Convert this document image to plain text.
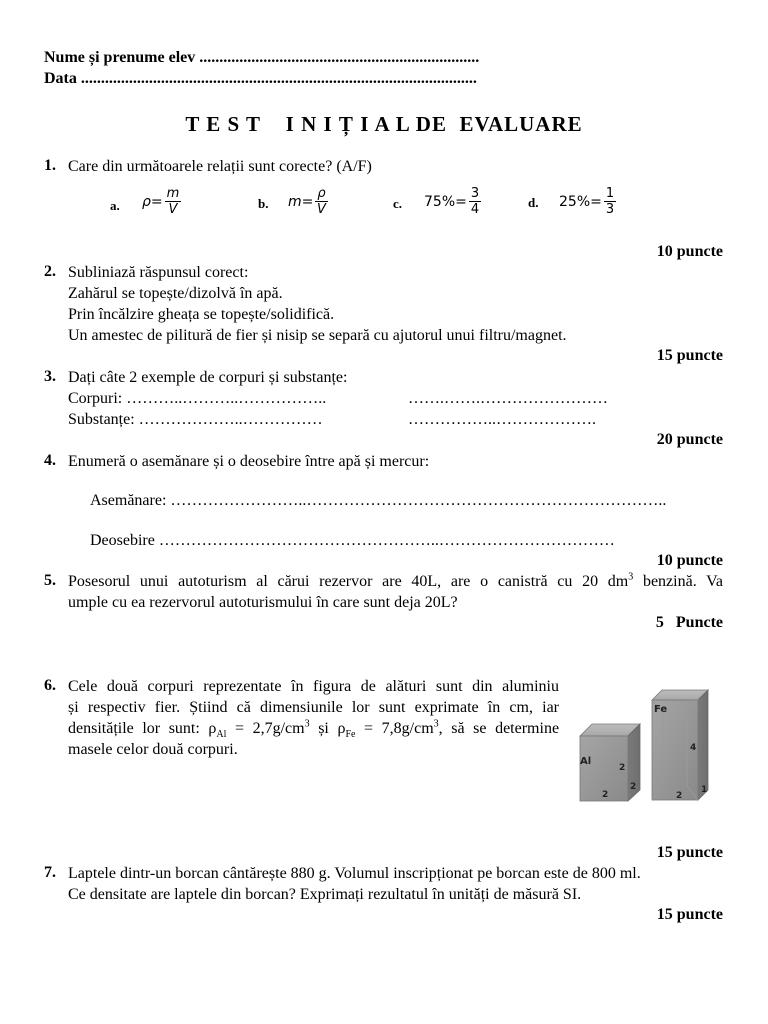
Nume și prenume elev ......................................................................
Data ...................................................................................................
T E S T    I N I Ț I A L DE  EVALUARE
1. Care din următoarele relații sunt corecte? (A/F)
a. $\rho= \frac{m}{V}$	b. $m= \frac{\rho}{V}$	c. $75\%= \frac{3}{4}$	d. $25\%= \frac{1}{3}$
10 puncte
2. Subliniază răspunsul corect:
Zahărul se topește/dizolvă în apă.
Prin încălzire gheața se topește/solidifică.
Un amestec de pilitură de fier și nisip se separă cu ajutorul unui filtru/magnet.
15 puncte
3. Dați câte 2 exemple de corpuri și substanțe:
Corpuri: ………..………..……………..	…….…….……………………
Substanțe: ………………..……………	……………..……………….
20 puncte
4. Enumeră o asemănare și o deosebire între apă și mercur:
Asemănare: ……………………..…………………………………………………………..
Deosebire ……………………………………………..……………………………
10 puncte
5. Posesorul unui autoturism al cărui rezervor are 40L, are o canistră cu 20 $dm^3$ benzină. Va
umple cu ea rezervorul autoturismului în care sunt deja 20L?
5   Puncte
6. Cele două corpuri reprezentate în figura de alături sunt din aluminiu
și respectiv fier. Știind că dimensiunile lor sunt exprimate în cm, iar
densitățile lor sunt: $\rho_{Al} = 2,7g/cm^3$ și $\rho_{Fe} = 7,8g/cm^3$, să se determine
masele celor două corpuri.
Al
2
2
2
Fe
4
2
1
15 puncte
7. Laptele dintr-un borcan cântărește 880 g. Volumul inscripționat pe borcan este de 800 ml.
Ce densitate are laptele din borcan? Exprimați rezultatul în unități de măsură SI.
15 puncte
